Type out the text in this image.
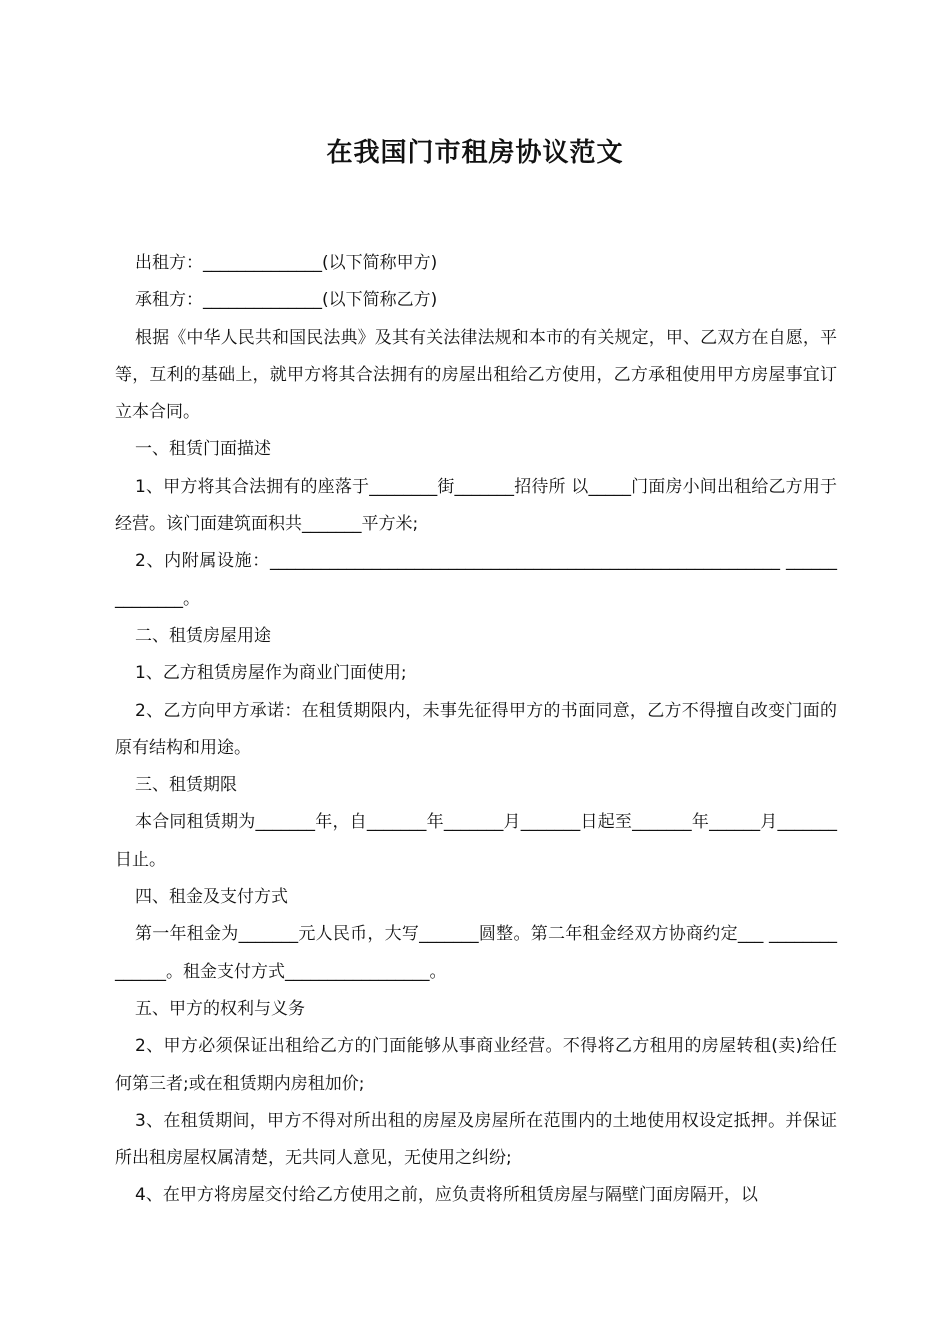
在我国门市租房协议范文

出租方：______________(以下简称甲方)

承租方：______________(以下简称乙方)

根据《中华人民共和国民法典》及其有关法律法规和本市的有关规定，甲、乙双方在自愿，平等，互利的基础上，就甲方将其合法拥有的房屋出租给乙方使用，乙方承租使用甲方房屋事宜订立本合同。

一、租赁门面描述

1、甲方将其合法拥有的座落于________街_______招待所 以_____门面房小间出租给乙方用于经营。该门面建筑面积共_______平方米;

2、内附属设施：____________________________________________________________ ______________。

二、租赁房屋用途

1、乙方租赁房屋作为商业门面使用;

2、乙方向甲方承诺：在租赁期限内，未事先征得甲方的书面同意，乙方不得擅自改变门面的原有结构和用途。

三、租赁期限

本合同租赁期为_______年，自_______年_______月_______日起至_______年______月_______日止。

四、租金及支付方式

第一年租金为_______元人民币，大写_______圆整。第二年租金经双方协商约定___ ______________。租金支付方式_________________。

五、甲方的权利与义务

2、甲方必须保证出租给乙方的门面能够从事商业经营。不得将乙方租用的房屋转租(卖)给任何第三者;或在租赁期内房租加价;

3、在租赁期间，甲方不得对所出租的房屋及房屋所在范围内的土地使用权设定抵押。并保证所出租房屋权属清楚，无共同人意见，无使用之纠纷;

4、在甲方将房屋交付给乙方使用之前，应负责将所租赁房屋与隔壁门面房隔开，以
